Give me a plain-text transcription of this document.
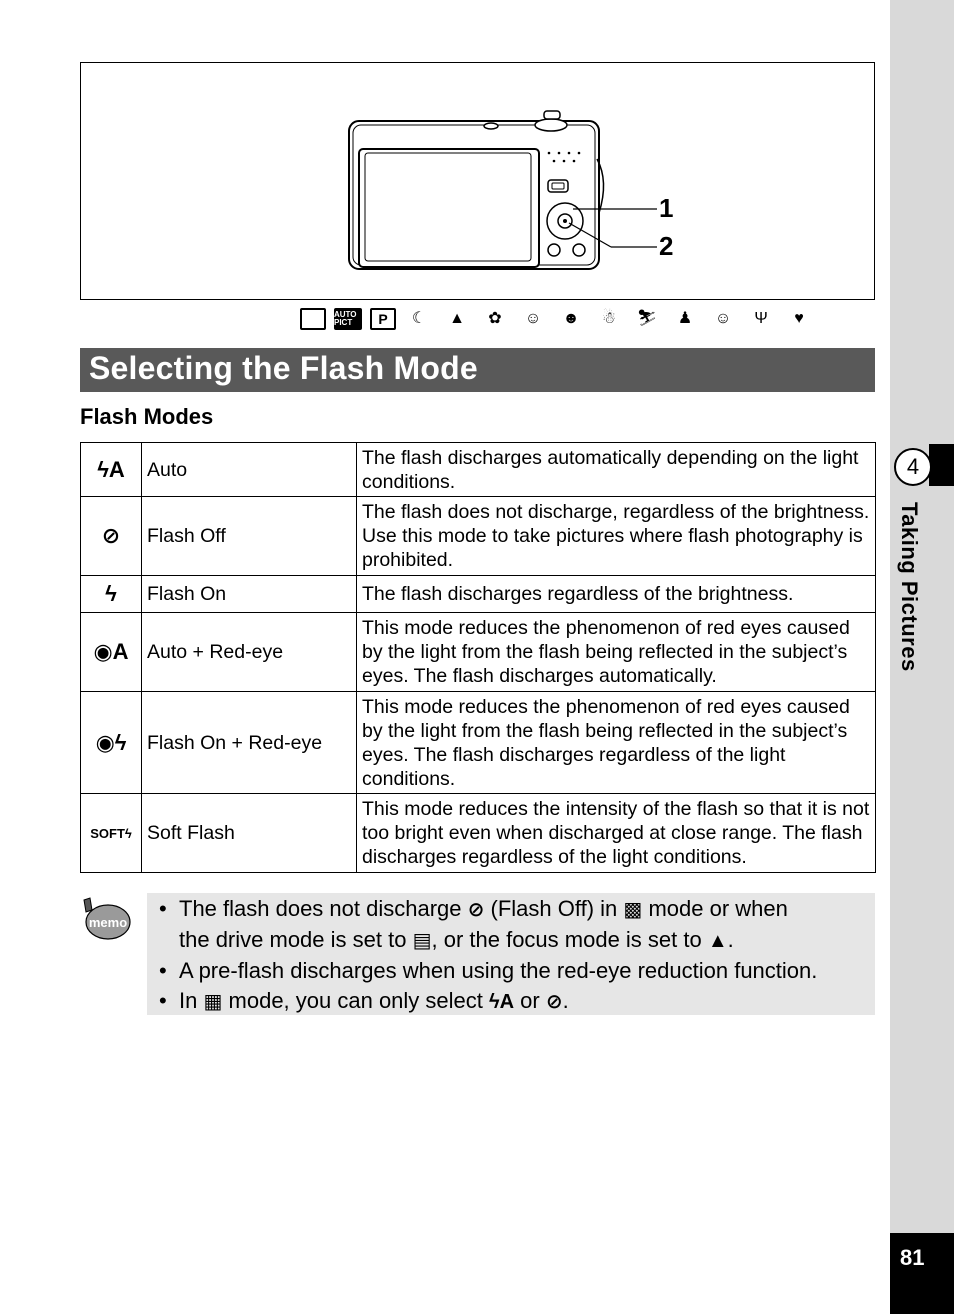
4
Taking Pictures
81
1
2
AUTO PICT	P	☾	▲	✿	☺	☻	☃	⛷	♟	☺	Ψ	♥
Selecting the Flash Mode
Flash Modes
ϟA	Auto	The flash discharges automatically depending on the light conditions.
⊘	Flash Off	The flash does not discharge, regardless of the brightness. Use this mode to take pictures where flash photography is prohibited.
ϟ	Flash On	The flash discharges regardless of the brightness.
◉A	Auto + Red-eye	This mode reduces the phenomenon of red eyes caused by the light from the flash being reflected in the subject’s eyes. The flash discharges automatically.
◉ϟ	Flash On + Red-eye	This mode reduces the phenomenon of red eyes caused by the light from the flash being reflected in the subject’s eyes. The flash discharges regardless of the light conditions.
SOFTϟ	Soft Flash	This mode reduces the intensity of the flash so that it is not too bright even when discharged at close range. The flash discharges regardless of the light conditions.
memo
• The flash does not discharge ⊘ (Flash Off) in ▩ mode or when
the drive mode is set to ▤, or the focus mode is set to ▲.
• A pre-flash discharges when using the red-eye reduction function.
• In ▦ mode, you can only select ϟA or ⊘.
